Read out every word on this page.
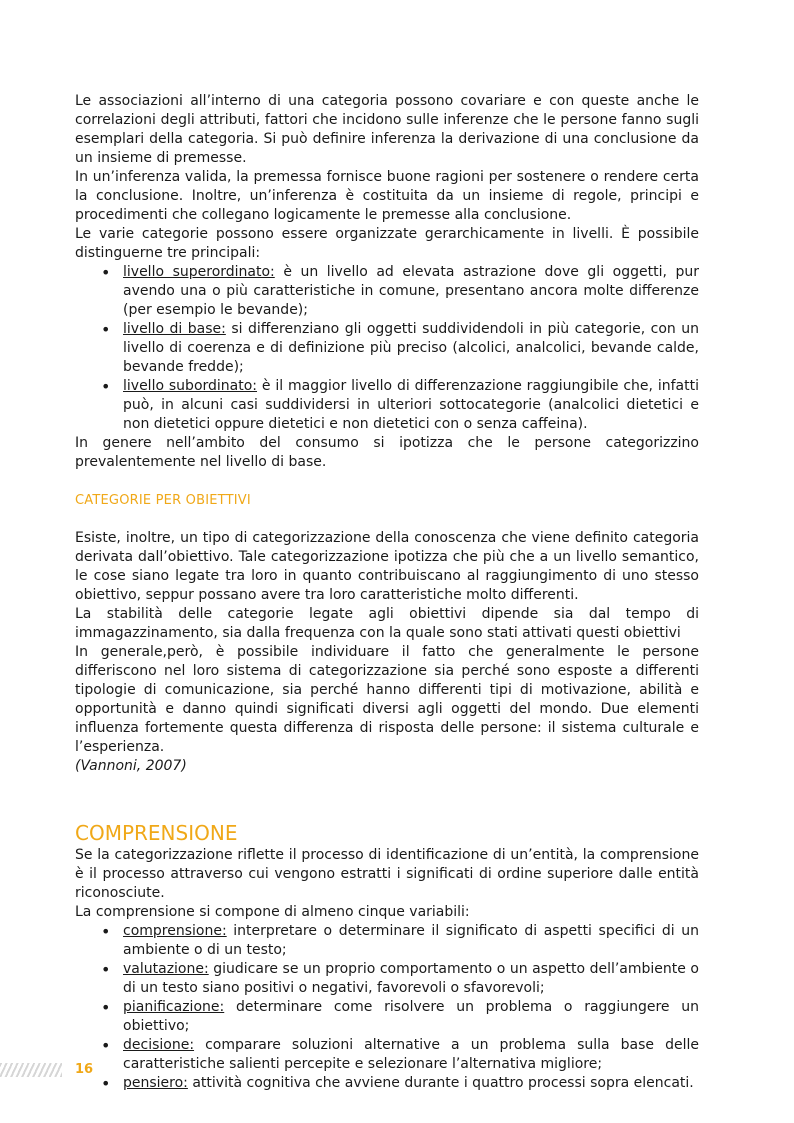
Le associazioni all’interno di una categoria possono covariare e con queste anche le correlazioni degli attributi, fattori che incidono sulle inferenze che le persone fanno sugli esemplari della categoria. Si può definire inferenza la derivazione di una conclusione da un insieme di premesse.

In un’inferenza valida, la premessa fornisce buone ragioni per sostenere o rendere certa la conclusione. Inoltre, un’inferenza è costituita da un insieme di regole, principi e procedimenti che collegano logicamente le premesse alla conclusione.

Le varie categorie possono essere organizzate gerarchicamente in livelli. È possibile distinguerne tre principali:

• livello superordinato: è un livello ad elevata astrazione dove gli oggetti, pur avendo una o più caratteristiche in comune, presentano ancora molte differenze (per esempio le bevande);
• livello di base: si differenziano gli oggetti suddividendoli in più categorie, con un livello di coerenza e di definizione più preciso (alcolici, analcolici, bevande calde, bevande fredde);
• livello subordinato: è il maggior livello di differenzazione raggiungibile che, infatti può, in alcuni casi suddividersi in ulteriori sottocategorie (analcolici dietetici e non dietetici oppure dietetici e non dietetici con o senza caffeina).

In genere nell’ambito del consumo si ipotizza che le persone categorizzino prevalentemente nel livello di base.

CATEGORIE PER OBIETTIVI

Esiste, inoltre, un tipo di categorizzazione della conoscenza che viene definito categoria derivata dall’obiettivo. Tale categorizzazione ipotizza che più che a un livello semantico, le cose siano legate tra loro in quanto contribuiscano al raggiungimento di uno stesso obiettivo, seppur possano avere tra loro caratteristiche molto differenti.

La stabilità delle categorie legate agli obiettivi dipende sia dal tempo di immagazzinamento, sia dalla frequenza con la quale sono stati attivati questi obiettivi

In generale,però, è possibile individuare il fatto che generalmente le persone differiscono nel loro sistema di categorizzazione sia perché sono esposte a differenti tipologie di comunicazione, sia perché hanno differenti tipi di motivazione, abilità e opportunità e danno quindi significati diversi agli oggetti del mondo. Due elementi influenza fortemente questa differenza di risposta delle persone: il sistema culturale e l’esperienza.

(Vannoni, 2007)

COMPRENSIONE

Se la categorizzazione riflette il processo di identificazione di un’entità, la comprensione è il processo attraverso cui vengono estratti i significati di ordine superiore dalle entità riconosciute.

La comprensione si compone di almeno cinque variabili:

• comprensione: interpretare o determinare il significato di aspetti specifici di un ambiente o di un testo;
• valutazione: giudicare se un proprio comportamento o un aspetto dell’ambiente o di un testo siano positivi o negativi, favorevoli o sfavorevoli;
• pianificazione: determinare come risolvere un problema o raggiungere un obiettivo;
• decisione: comparare soluzioni alternative a un problema sulla base delle caratteristiche salienti percepite e selezionare l’alternativa migliore;
• pensiero: attività cognitiva che avviene durante i quattro processi sopra elencati.
16
